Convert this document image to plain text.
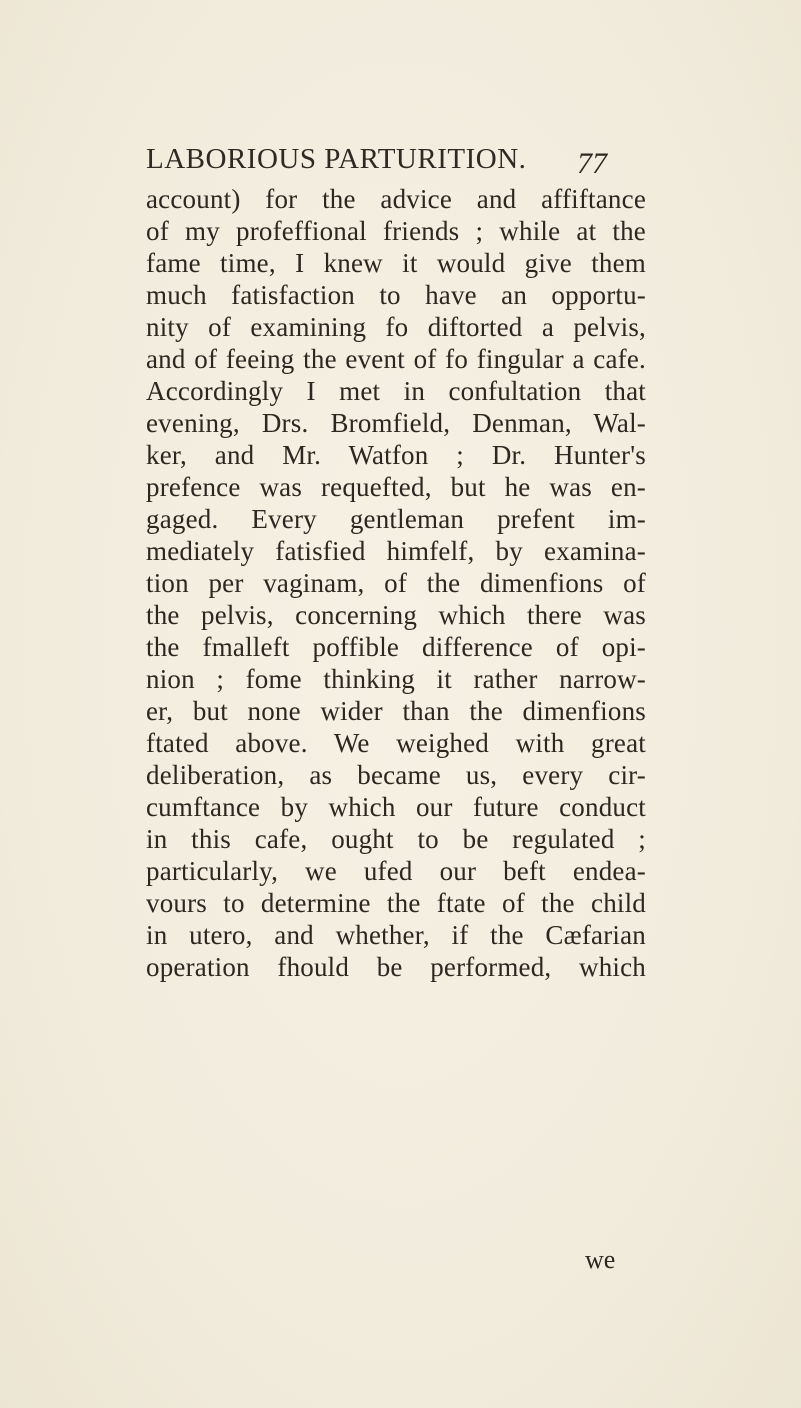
LABORIOUS PARTURITION. 77
account) for the advice and affiftance
of my profeffional friends ; while at the
fame time, I knew it would give them
much fatisfaction to have an opportu-
nity of examining fo diftorted a pelvis,
and of feeing the event of fo fingular a cafe.
Accordingly I met in confultation that
evening, Drs. Bromfield, Denman, Wal-
ker, and Mr. Watfon ; Dr. Hunter's
prefence was requefted, but he was en-
gaged. Every gentleman prefent im-
mediately fatisfied himfelf, by examina-
tion per vaginam, of the dimenfions of
the pelvis, concerning which there was
the fmalleft poffible difference of opi-
nion ; fome thinking it rather narrow-
er, but none wider than the dimenfions
ftated above. We weighed with great
deliberation, as became us, every cir-
cumftance by which our future conduct
in this cafe, ought to be regulated ;
particularly, we ufed our beft endea-
vours to determine the ftate of the child
in utero, and whether, if the Cæfarian
operation fhould be performed, which
we
